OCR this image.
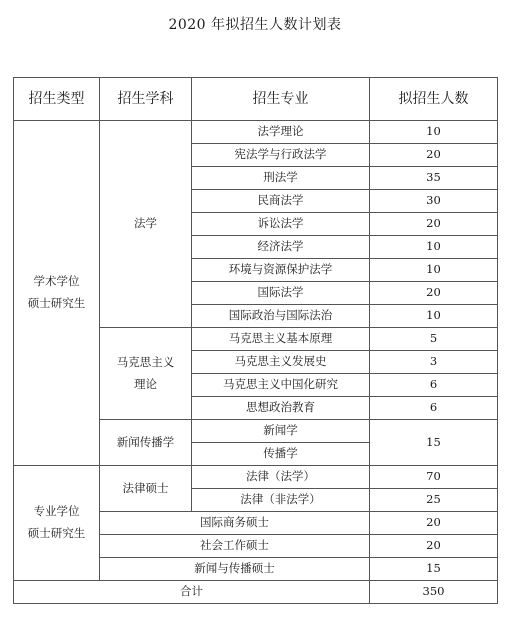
2020 年拟招生人数计划表
招生类型	招生学科	招生专业	拟招生人数
学术学位
硕士研究生	法学	法学理论	10
		宪法学与行政法学	20
		刑法学	35
		民商法学	30
		诉讼法学	20
		经济法学	10
		环境与资源保护法学	10
		国际法学	20
		国际政治与国际法治	10
	马克思主义
理论	马克思主义基本原理	5
		马克思主义发展史	3
		马克思主义中国化研究	6
		思想政治教育	6
	新闻传播学	新闻学	15
		传播学	
专业学位
硕士研究生	法律硕士	法律（法学）	70
		法律（非法学）	25
	国际商务硕士		20
	社会工作硕士		20
	新闻与传播硕士		15
合计			350
